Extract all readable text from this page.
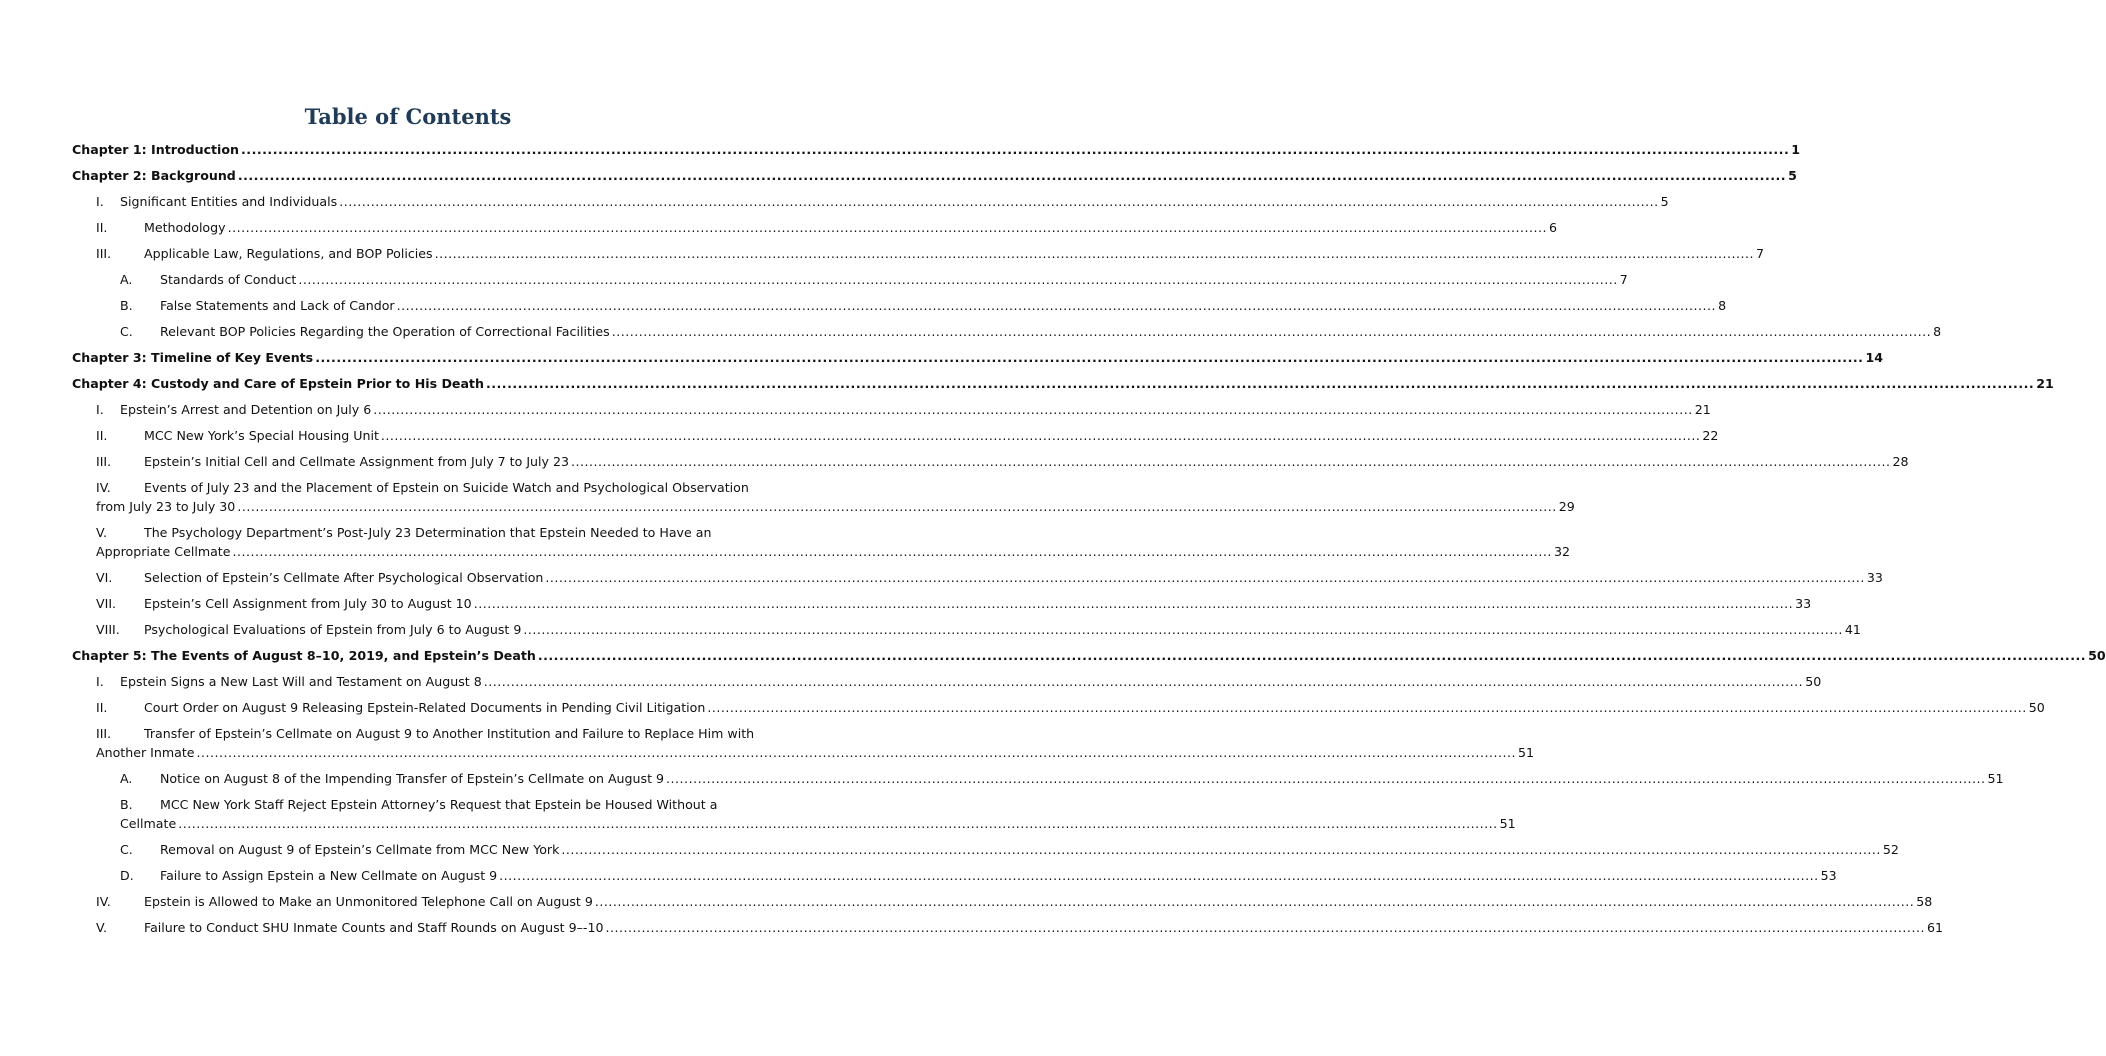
Table of Contents
Chapter 1: Introduction .....	1
Chapter 2: Background .....	5
I. Significant Entities and Individuals .....	5
II.	Methodology .....	6
III.	Applicable Law, Regulations, and BOP Policies .....	7
A. Standards of Conduct .....	7
B. False Statements and Lack of Candor .....	8
C. Relevant BOP Policies Regarding the Operation of Correctional Facilities .....	8
Chapter 3: Timeline of Key Events .....	14
Chapter 4: Custody and Care of Epstein Prior to His Death .....	21
I. Epstein’s Arrest and Detention on July 6 .....	21
II.	MCC New York’s Special Housing Unit .....	22
III.	Epstein’s Initial Cell and Cellmate Assignment from July 7 to July 23 .....	28
IV.	Events of July 23 and the Placement of Epstein on Suicide Watch and Psychological Observation
from July 23 to July 30 .....	29
V.	The Psychology Department’s Post-July 23 Determination that Epstein Needed to Have an
Appropriate Cellmate .....	32
VI.	Selection of Epstein’s Cellmate After Psychological Observation .....	33
VII. Epstein’s Cell Assignment from July 30 to August 10 .....	33
VIII. Psychological Evaluations of Epstein from July 6 to August 9 .....	41
Chapter 5: The Events of August 8–10, 2019, and Epstein’s Death .....	50
I. Epstein Signs a New Last Will and Testament on August 8 .....	50
II.	Court Order on August 9 Releasing Epstein-Related Documents in Pending Civil Litigation .....	50
III.	Transfer of Epstein’s Cellmate on August 9 to Another Institution and Failure to Replace Him with
Another Inmate .....	51
A. Notice on August 8 of the Impending Transfer of Epstein’s Cellmate on August 9 .....	51
B. MCC New York Staff Reject Epstein Attorney’s Request that Epstein be Housed Without a
Cellmate .....	51
C. Removal on August 9 of Epstein’s Cellmate from MCC New York .....	52
D. Failure to Assign Epstein a New Cellmate on August 9 .....	53
IV.	Epstein is Allowed to Make an Unmonitored Telephone Call on August 9 .....	58
V.	Failure to Conduct SHU Inmate Counts and Staff Rounds on August 9–-10 .....	61
